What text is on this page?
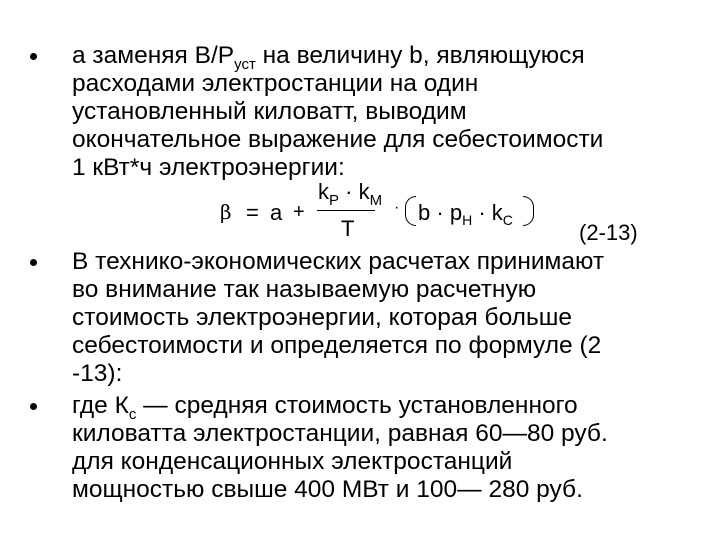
а заменяя $B/P_{уст}$ на величину b, являющуюся
расходами электростанции на один
установленный киловатт, выводим
окончательное выражение для себестоимости
1 кВт*ч электроэнергии:
β = a +
$k_P \cdot k_M$
T
· $b \cdot p_H \cdot k_C$	(2-13)
В технико-экономических расчетах принимают
во внимание так называемую расчетную
стоимость электроэнергии, которая больше
себестоимости и определяется по формуле (2
-13):
где $К_с$ — средняя стоимость установленного
киловатта электростанции, равная 60—80 руб.
для конденсационных электростанций
мощностью свыше 400 МВт и 100— 280 руб.
